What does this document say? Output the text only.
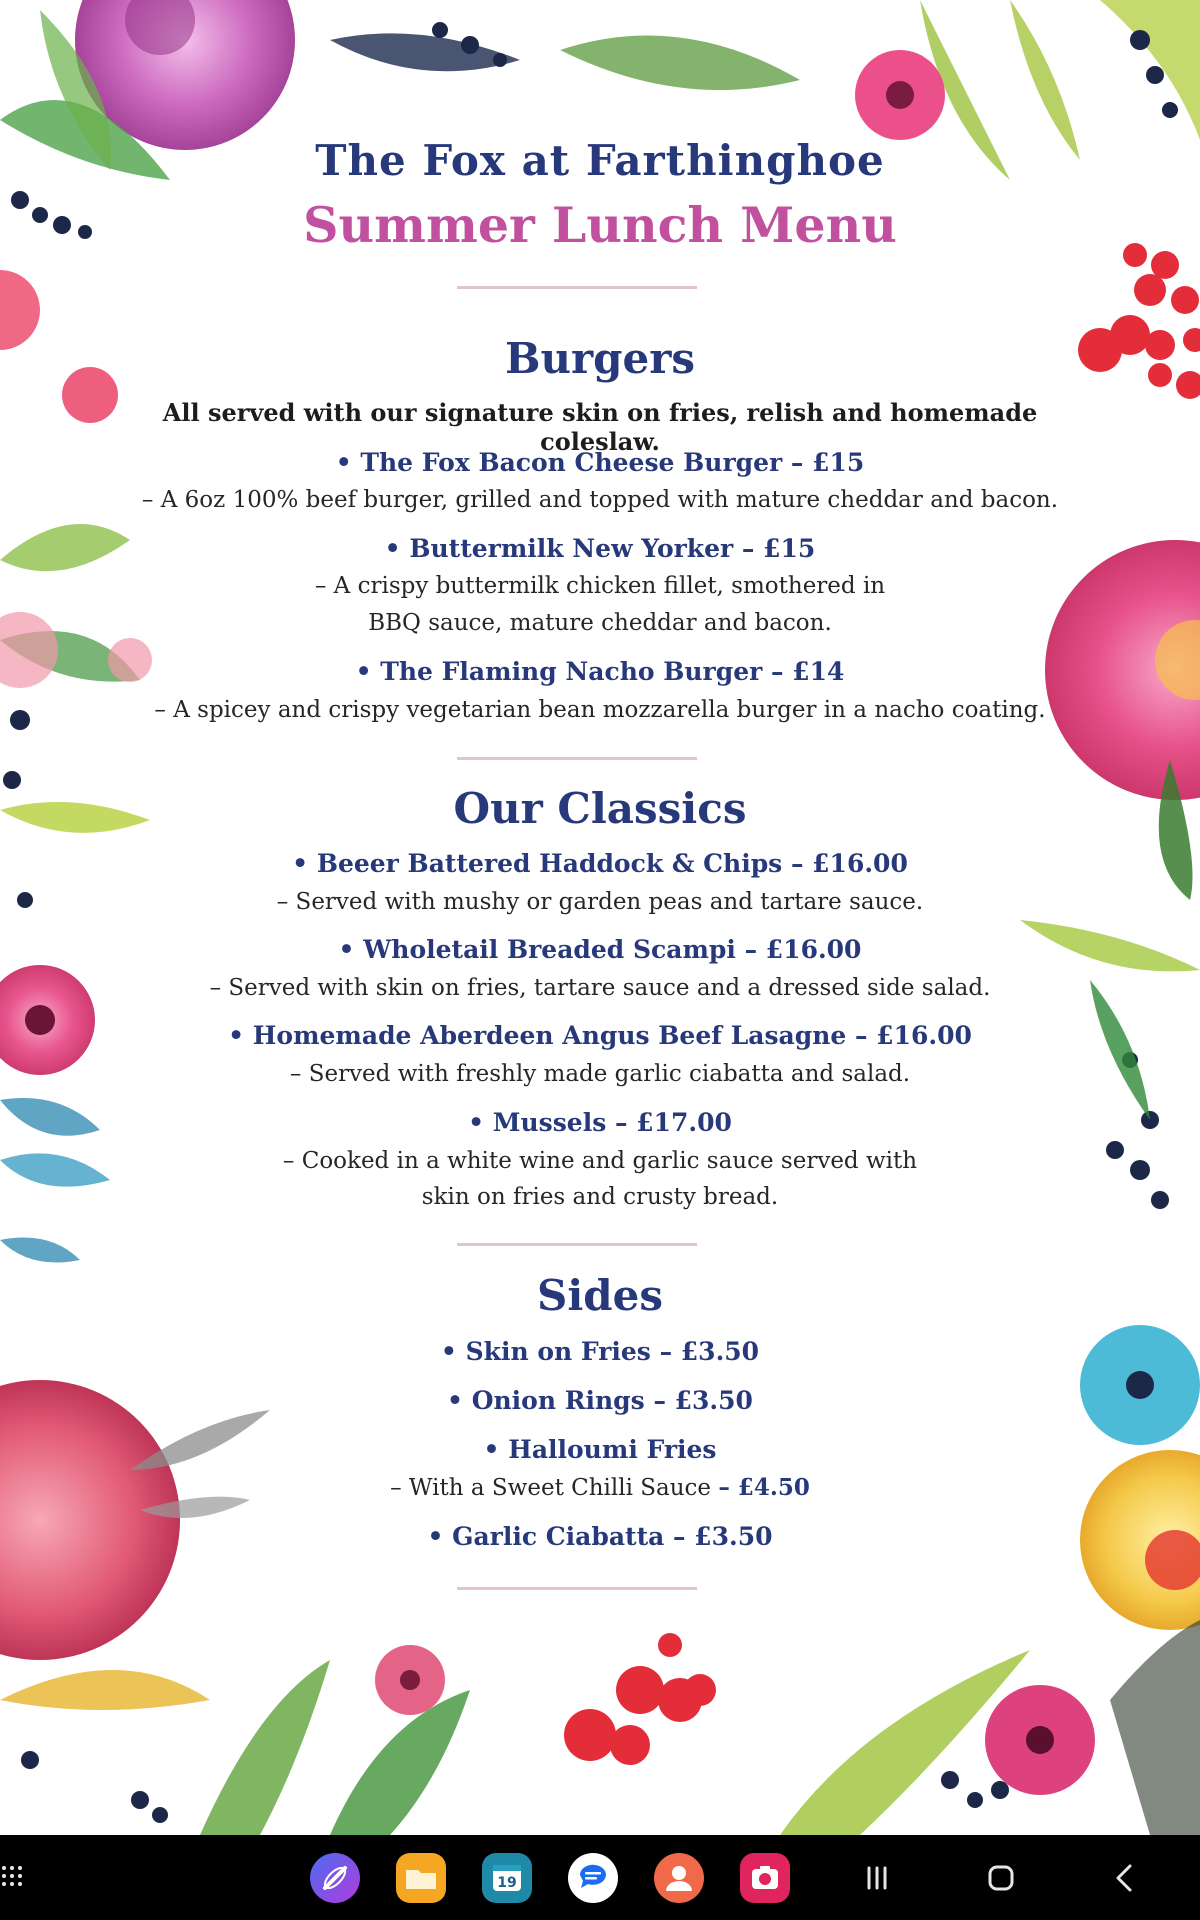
The Fox at Farthinghoe
Summer Lunch Menu
Burgers
All served with our signature skin on fries, relish and homemade coleslaw.
• The Fox Bacon Cheese Burger – £15
– A 6oz 100% beef burger, grilled and topped with mature cheddar and bacon.
• Buttermilk New Yorker – £15
– A crispy buttermilk chicken fillet, smothered in
BBQ sauce, mature cheddar and bacon.
• The Flaming Nacho Burger – £14
– A spicey and crispy vegetarian bean mozzarella burger in a nacho coating.
Our Classics
• Beeer Battered Haddock & Chips – £16.00
– Served with mushy or garden peas and tartare sauce.
• Wholetail Breaded Scampi – £16.00
– Served with skin on fries, tartare sauce and a dressed side salad.
• Homemade Aberdeen Angus Beef Lasagne – £16.00
– Served with freshly made garlic ciabatta and salad.
• Mussels – £17.00
– Cooked in a white wine and garlic sauce served with
skin on fries and crusty bread.
Sides
• Skin on Fries – £3.50
• Onion Rings – £3.50
• Halloumi Fries
– With a Sweet Chilli Sauce – £4.50
• Garlic Ciabatta – £3.50
19
